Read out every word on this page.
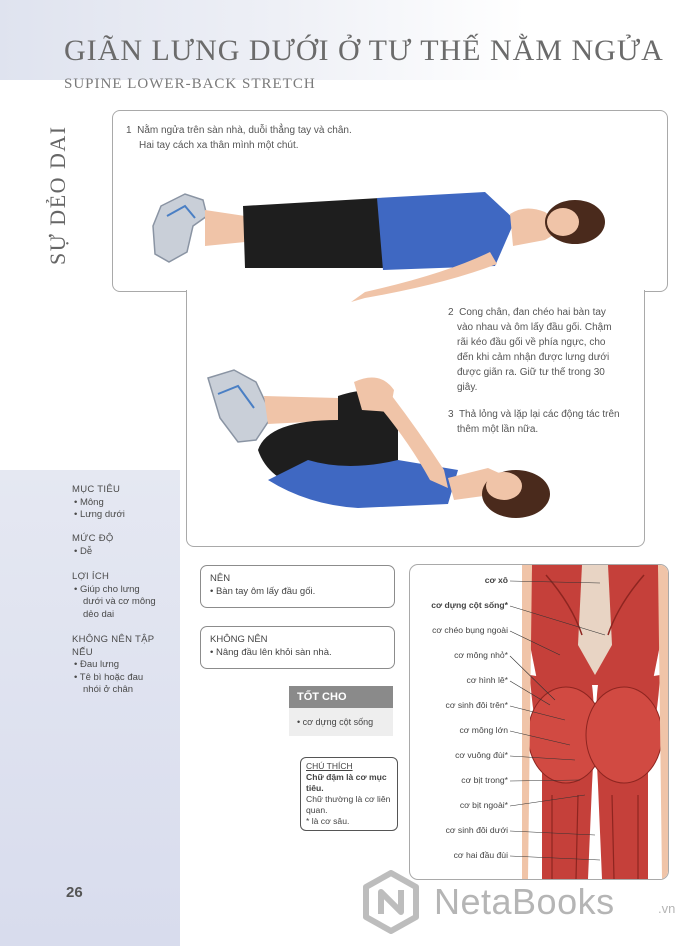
GIÃN LƯNG DƯỚI Ở TƯ THẾ NẰM NGỬA
SUPINE LOWER-BACK STRETCH
SỰ DẺO DAI	1 Nằm ngửa trên sàn nhà, duỗi thẳng tay và chân.
Hai tay cách xa thân mình một chút.
2 Cong chân, đan chéo hai bàn tay
vào nhau và ôm lấy đầu gối. Chậm
rãi kéo đầu gối về phía ngực, cho
đến khi cảm nhận được lưng dưới
được giãn ra. Giữ tư thế trong 30
giây.
3 Thả lỏng và lặp lại các động tác trên
thêm một lần nữa.
MỤC TIÊU
• Mông
• Lưng dưới
MỨC ĐỘ
• Dễ
LỢI ÍCH
• Giúp cho lưng
dưới và cơ mông
dẻo dai
KHÔNG NÊN TẬP
NẾU
• Đau lưng
• Tê bì hoặc đau
nhói ở chân
NÊN
• Bàn tay ôm lấy đầu gối.
KHÔNG NÊN
• Nâng đầu lên khỏi sàn nhà.
TỐT CHO
• cơ dựng cột sống
CHÚ THÍCH
Chữ đậm là cơ mục tiêu.
Chữ thường là cơ liên quan.
* là cơ sâu.
cơ xô
cơ dựng cột sống*
cơ chéo bụng ngoài
cơ mông nhỏ*
cơ hình lê*
cơ sinh đôi trên*
cơ mông lớn
cơ vuông đùi*
cơ bịt trong*
cơ bịt ngoài*
cơ sinh đôi dưới
cơ hai đầu đùi
26	NetaBooks	.vn
